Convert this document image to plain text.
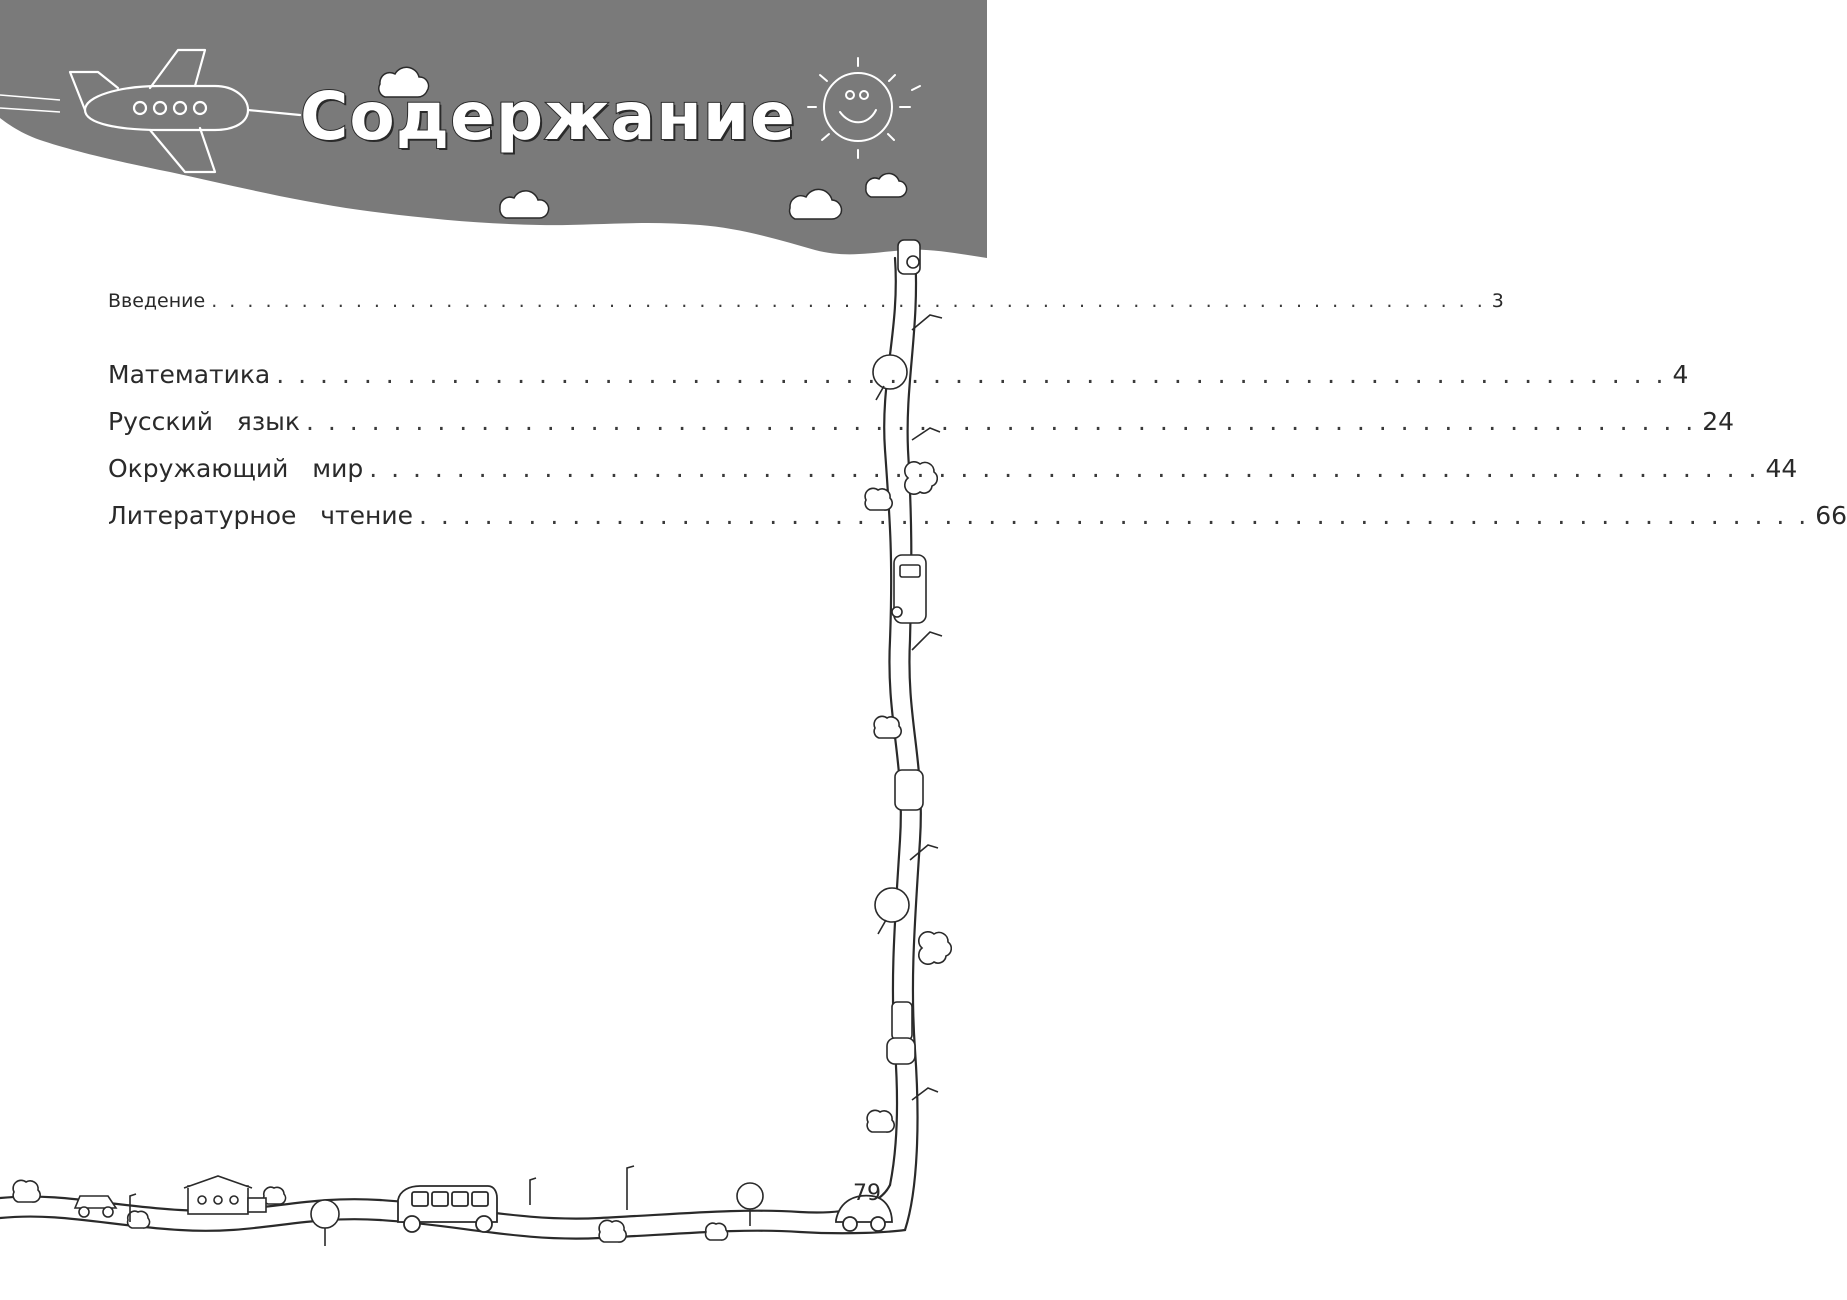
Содержание
Введение . . . . . . . . . . . . . . . . . . . . . . . . . . . . . . . . . . . . . . . . . . . . . . . . . . . . . . . . . . . . . . . . . . . . . . . 3
Математика . . . . . . . . . . . . . . . . . . . . . . . . . . . . . . . . . . . . . . . . . . . . . . . . . . . . . . . . . . . . . . . . 4
Русский   язык . . . . . . . . . . . . . . . . . . . . . . . . . . . . . . . . . . . . . . . . . . . . . . . . . . . . . . . . . . . . . . . . 24
Окружающий   мир . . . . . . . . . . . . . . . . . . . . . . . . . . . . . . . . . . . . . . . . . . . . . . . . . . . . . . . . . . . . . . . . 44
Литературное   чтение . . . . . . . . . . . . . . . . . . . . . . . . . . . . . . . . . . . . . . . . . . . . . . . . . . . . . . . . . . . . . . . . 66
79
